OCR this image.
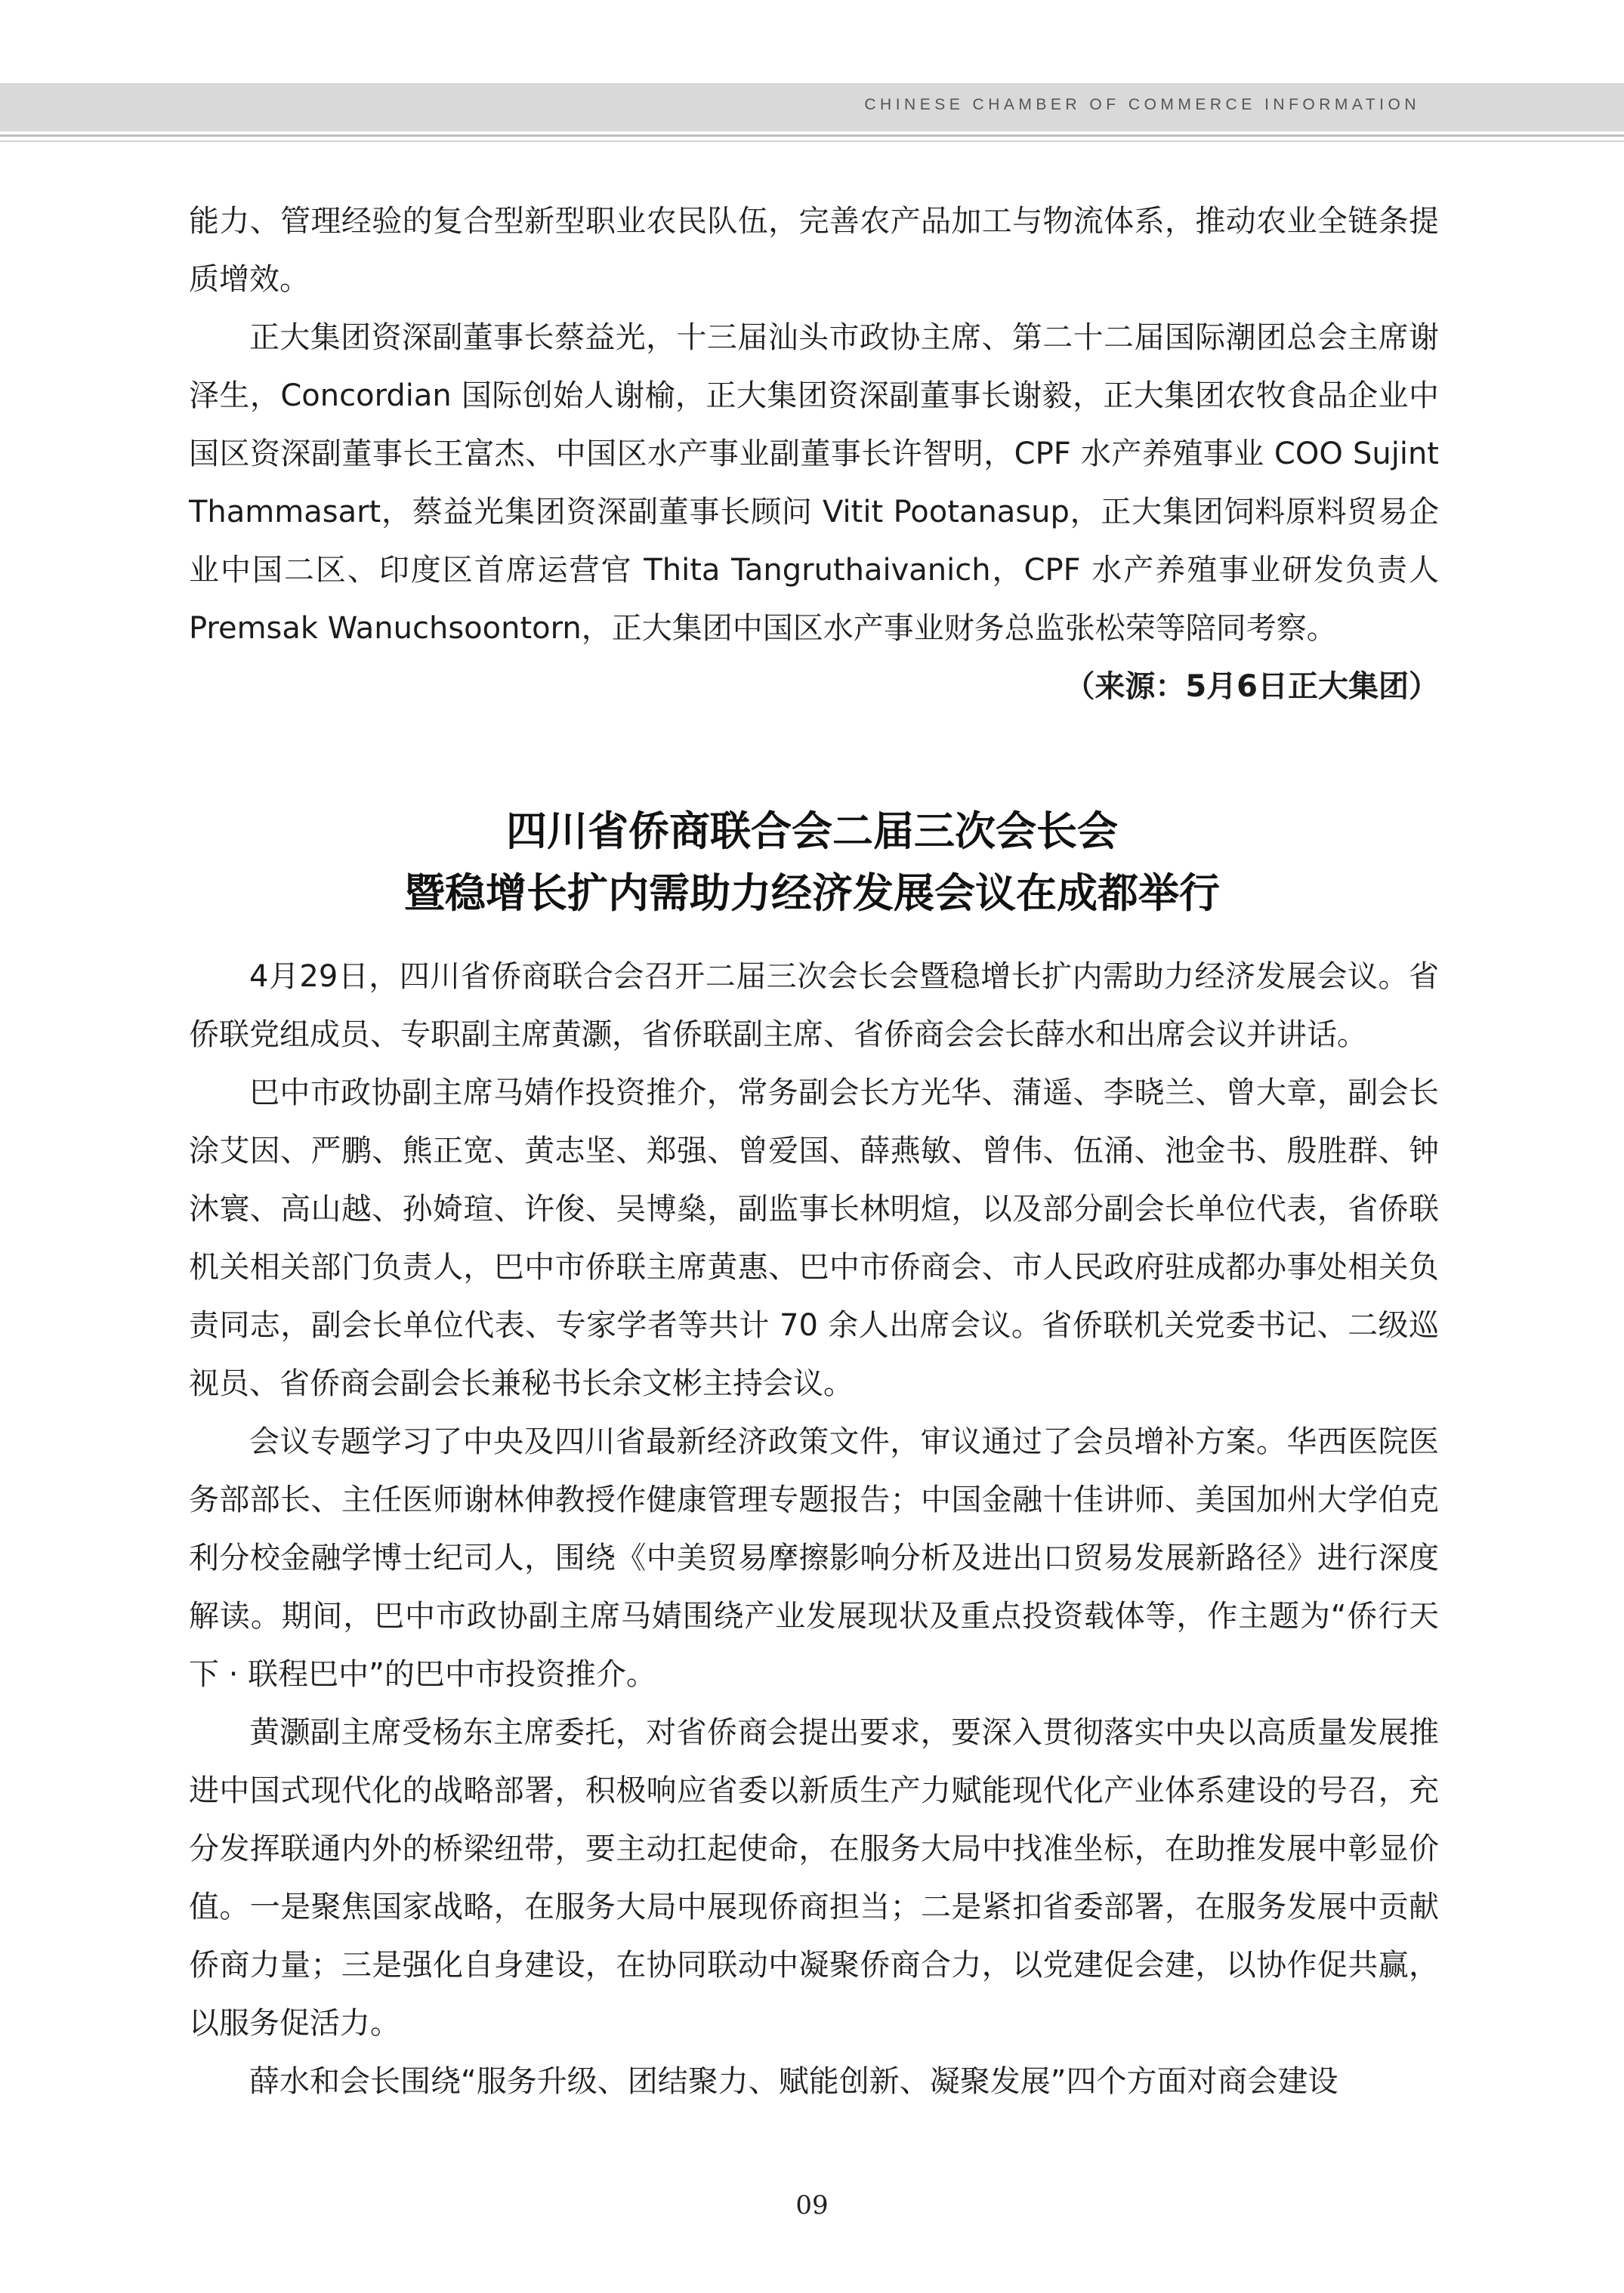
CHINESE CHAMBER OF COMMERCE INFORMATION

能力、管理经验的复合型新型职业农民队伍，完善农产品加工与物流体系，推动农业全链条提质增效。

正大集团资深副董事长蔡益光，十三届汕头市政协主席、第二十二届国际潮团总会主席谢泽生，Concordian 国际创始人谢榆，正大集团资深副董事长谢毅，正大集团农牧食品企业中国区资深副董事长王富杰、中国区水产事业副董事长许智明，CPF 水产养殖事业 COO Sujint Thammasart，蔡益光集团资深副董事长顾问 Vitit Pootanasup，正大集团饲料原料贸易企业中国二区、印度区首席运营官 Thita Tangruthaivanich，CPF 水产养殖事业研发负责人 Premsak Wanuchsoontorn，正大集团中国区水产事业财务总监张松荣等陪同考察。

（来源：5月6日正大集团）

四川省侨商联合会二届三次会长会
暨稳增长扩内需助力经济发展会议在成都举行

4月29日，四川省侨商联合会召开二届三次会长会暨稳增长扩内需助力经济发展会议。省侨联党组成员、专职副主席黄灏，省侨联副主席、省侨商会会长薛水和出席会议并讲话。

巴中市政协副主席马婧作投资推介，常务副会长方光华、蒲遥、李晓兰、曾大章，副会长涂艾因、严鹏、熊正宽、黄志坚、郑强、曾爱国、薛燕敏、曾伟、伍涌、池金书、殷胜群、钟沐寰、高山越、孙婍瑄、许俊、吴博燊，副监事长林明煊，以及部分副会长单位代表，省侨联机关相关部门负责人，巴中市侨联主席黄惠、巴中市侨商会、市人民政府驻成都办事处相关负责同志，副会长单位代表、专家学者等共计 70 余人出席会议。省侨联机关党委书记、二级巡视员、省侨商会副会长兼秘书长余文彬主持会议。

会议专题学习了中央及四川省最新经济政策文件，审议通过了会员增补方案。华西医院医务部部长、主任医师谢林伸教授作健康管理专题报告；中国金融十佳讲师、美国加州大学伯克利分校金融学博士纪司人，围绕《中美贸易摩擦影响分析及进出口贸易发展新路径》进行深度解读。期间，巴中市政协副主席马婧围绕产业发展现状及重点投资载体等，作主题为“侨行天下 · 联程巴中”的巴中市投资推介。

黄灏副主席受杨东主席委托，对省侨商会提出要求，要深入贯彻落实中央以高质量发展推进中国式现代化的战略部署，积极响应省委以新质生产力赋能现代化产业体系建设的号召，充分发挥联通内外的桥梁纽带，要主动扛起使命，在服务大局中找准坐标，在助推发展中彰显价值。一是聚焦国家战略，在服务大局中展现侨商担当；二是紧扣省委部署，在服务发展中贡献侨商力量；三是强化自身建设，在协同联动中凝聚侨商合力，以党建促会建，以协作促共赢，以服务促活力。

薛水和会长围绕“服务升级、团结聚力、赋能创新、凝聚发展”四个方面对商会建设

09
